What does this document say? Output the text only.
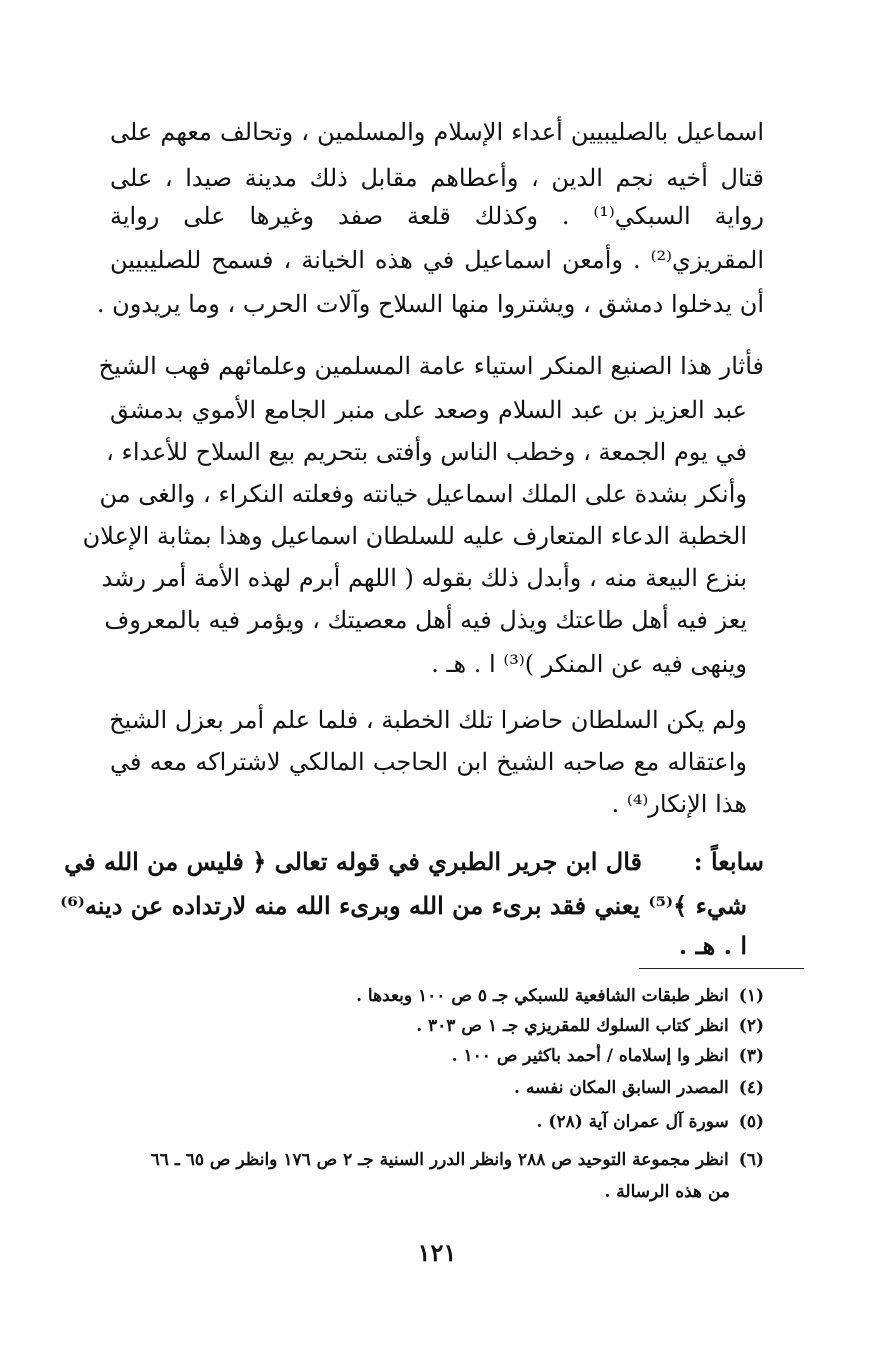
اسماعيل بالصليبيين أعداء الإسلام والمسلمين ، وتحالف معهم على
قتال أخيه نجم الدين ، وأعطاهم مقابل ذلك مدينة صيدا ، على
رواية السبكي⁽¹⁾ . وكذلك قلعة صفد وغيرها على رواية
المقريزي⁽²⁾ . وأمعن اسماعيل في هذه الخيانة ، فسمح للصليبيين
أن يدخلوا دمشق ، ويشتروا منها السلاح وآلات الحرب ، وما يريدون .
فأثار هذا الصنيع المنكر استياء عامة المسلمين وعلمائهم فهب الشيخ
عبد العزيز بن عبد السلام وصعد على منبر الجامع الأموي بدمشق
في يوم الجمعة ، وخطب الناس وأفتى بتحريم بيع السلاح للأعداء ،
وأنكر بشدة على الملك اسماعيل خيانته وفعلته النكراء ، والغى من
الخطبة الدعاء المتعارف عليه للسلطان اسماعيل وهذا بمثابة الإعلان
بنزع البيعة منه ، وأبدل ذلك بقوله ( اللهم أبرم لهذه الأمة أمر رشد
يعز فيه أهل طاعتك ويذل فيه أهل معصيتك ، ويؤمر فيه بالمعروف
وينهى فيه عن المنكر )⁽³⁾ ا . هـ .
ولم يكن السلطان حاضرا تلك الخطبة ، فلما علم أمر بعزل الشيخ
واعتقاله مع صاحبه الشيخ ابن الحاجب المالكي لاشتراكه معه في
هذا الإنكار⁽⁴⁾ .
سابعاً :
قال ابن جرير الطبري في قوله تعالى ﴿ فليس من الله في
شيء ﴾⁽⁵⁾ يعني فقد برىء من الله وبرىء الله منه لارتداده عن دينه⁽⁶⁾
ا . هـ .
(١)انظر طبقات الشافعية للسبكي جـ ٥ ص ١٠٠ وبعدها .
(٢)انظر كتاب السلوك للمقريزي جـ ١ ص ٣٠٣ .
(٣)انظر وا إسلاماه / أحمد باكثير ص ١٠٠ .
(٤)المصدر السابق المكان نفسه .
(٥)سورة آل عمران آية (٢٨) .
(٦)انظر مجموعة التوحيد ص ٢٨٨ وانظر الدرر السنية جـ ٢ ص ١٧٦ وانظر ص ٦٥ ـ ٦٦
من هذه الرسالة .
١٢١
